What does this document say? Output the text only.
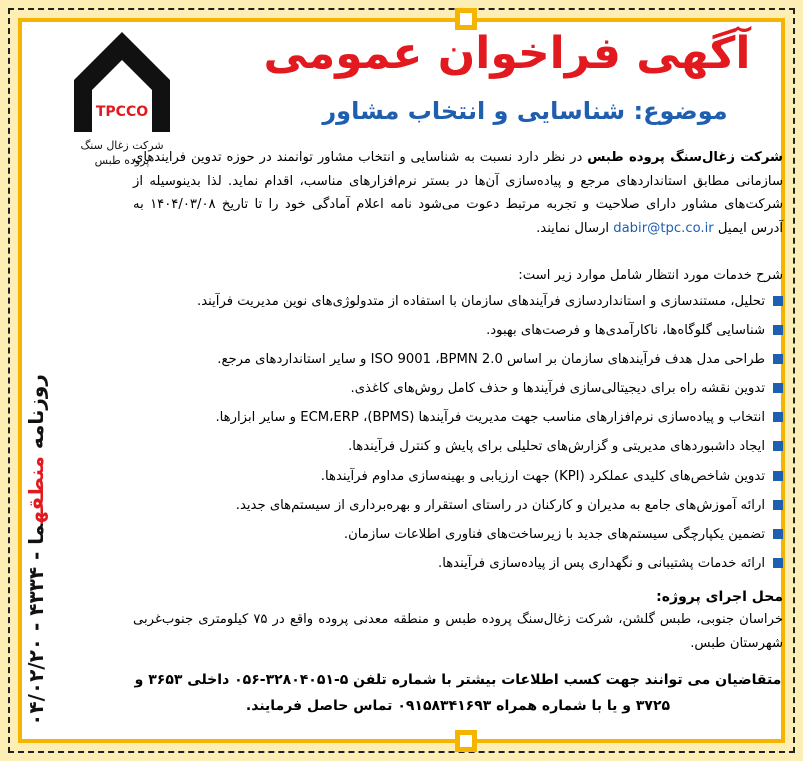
روزنامه منطقهما - ۴۳۳۴ - ۰۴/۰۲/۲۰
TPCCO
شرکت زغال سنگ
پروده طبس
آگهی فراخوان عمومی
موضوع: شناسایی و انتخاب مشاور
شرکت زغال‌سنگ پروده طبس در نظر دارد نسبت به شناسایی و انتخاب مشاور توانمند در حوزه تدوین فرایندهای سازمانی مطابق استانداردهای مرجع و پیاده‌سازی آن‌ها در بستر نرم‌افزارهای مناسب، اقدام نماید. لذا بدینوسیله از شرکت‌های مشاور دارای صلاحیت و تجربه مرتبط دعوت می‌شود نامه اعلام آمادگی خود را تا تاریخ ۱۴۰۴/۰۳/۰۸ به آدرس ایمیل dabir@tpc.co.ir ارسال نمایند.
شرح خدمات مورد انتظار شامل موارد زیر است:
تحلیل، مستندسازی و استانداردسازی فرآیندهای سازمان با استفاده از متدولوژی‌های نوین مدیریت فرآیند.
شناسایی گلوگاه‌ها، ناکارآمدی‌ها و فرصت‌های بهبود.
طراحی مدل هدف فرآیندهای سازمان بر اساس ISO 9001 ،BPMN 2.0 و سایر استانداردهای مرجع.
تدوین نقشه راه برای دیجیتالی‌سازی فرآیندها و حذف کامل روش‌های کاغذی.
انتخاب و پیاده‌سازی نرم‌افزارهای مناسب جهت مدیریت فرآیندها (BPMS)، ECM،ERP و سایر ابزارها.
ایجاد داشبوردهای مدیریتی و گزارش‌های تحلیلی برای پایش و کنترل فرآیندها.
تدوین شاخص‌های کلیدی عملکرد (KPI) جهت ارزیابی و بهینه‌سازی مداوم فرآیندها.
ارائه آموزش‌های جامع به مدیران و کارکنان در راستای استقرار و بهره‌برداری از سیستم‌های جدید.
تضمین یکپارچگی سیستم‌های جدید با زیرساخت‌های فناوری اطلاعات سازمان.
ارائه خدمات پشتیبانی و نگهداری پس از پیاده‌سازی فرآیندها.
محل اجرای پروژه:
خراسان جنوبی، طبس گلشن، شرکت زغال‌سنگ پروده طبس و منطقه معدنی پروده واقع در ۷۵ کیلومتری جنوب‌غربی شهرستان طبس.
متقاضیان می توانند جهت کسب اطلاعات بیشتر با شماره تلفن ۵-۳۲۸۰۴۰۵۱-۰۵۶ داخلی ۳۶۵۳ و
۳۷۲۵ و یا با شماره همراه ۰۹۱۵۸۳۴۱۶۹۳ تماس حاصل فرمایند.
